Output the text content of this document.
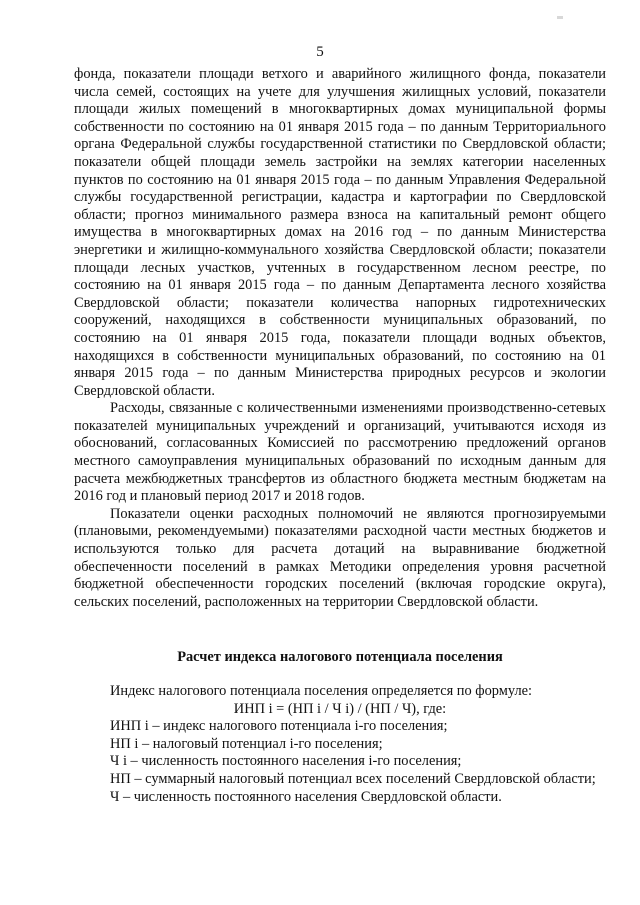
5

фонда, показатели площади ветхого и аварийного жилищного фонда, показатели числа семей, состоящих на учете для улучшения жилищных условий, показатели площади жилых помещений в многоквартирных домах муниципальной формы собственности по состоянию на 01 января 2015 года – по данным Территориального органа Федеральной службы государственной статистики по Свердловской области; показатели общей площади земель застройки на землях категории населенных пунктов по состоянию на 01 января 2015 года – по данным Управления Федеральной службы государственной регистрации, кадастра и картографии по Свердловской области; прогноз минимального размера взноса на капитальный ремонт общего имущества в многоквартирных домах на 2016 год – по данным Министерства энергетики и жилищно-коммунального хозяйства Свердловской области; показатели площади лесных участков, учтенных в государственном лесном реестре, по состоянию на 01 января 2015 года – по данным Департамента лесного хозяйства Свердловской области; показатели количества напорных гидротехнических сооружений, находящихся в собственности муниципальных образований, по состоянию на 01 января 2015 года, показатели площади водных объектов, находящихся в собственности муниципальных образований, по состоянию на 01 января 2015 года – по данным Министерства природных ресурсов и экологии Свердловской области.

Расходы, связанные с количественными изменениями производственно-сетевых показателей муниципальных учреждений и организаций, учитываются исходя из обоснований, согласованных Комиссией по рассмотрению предложений органов местного самоуправления муниципальных образований по исходным данным для расчета межбюджетных трансфертов из областного бюджета местным бюджетам на 2016 год и плановый период 2017 и 2018 годов.

Показатели оценки расходных полномочий не являются прогнозируемыми (плановыми, рекомендуемыми) показателями расходной части местных бюджетов и используются только для расчета дотаций на выравнивание бюджетной обеспеченности поселений в рамках Методики определения уровня расчетной бюджетной обеспеченности городских поселений (включая городские округа), сельских поселений, расположенных на территории Свердловской области.

Расчет индекса налогового потенциала поселения

Индекс налогового потенциала поселения определяется по формуле:

ИНП i = (НП i / Ч i) / (НП / Ч), где:

ИНП i – индекс налогового потенциала i-го поселения;

НП i – налоговый потенциал i-го поселения;

Ч i – численность постоянного населения i-го поселения;

НП – суммарный налоговый потенциал всех поселений Свердловской области;

Ч – численность постоянного населения Свердловской области.
